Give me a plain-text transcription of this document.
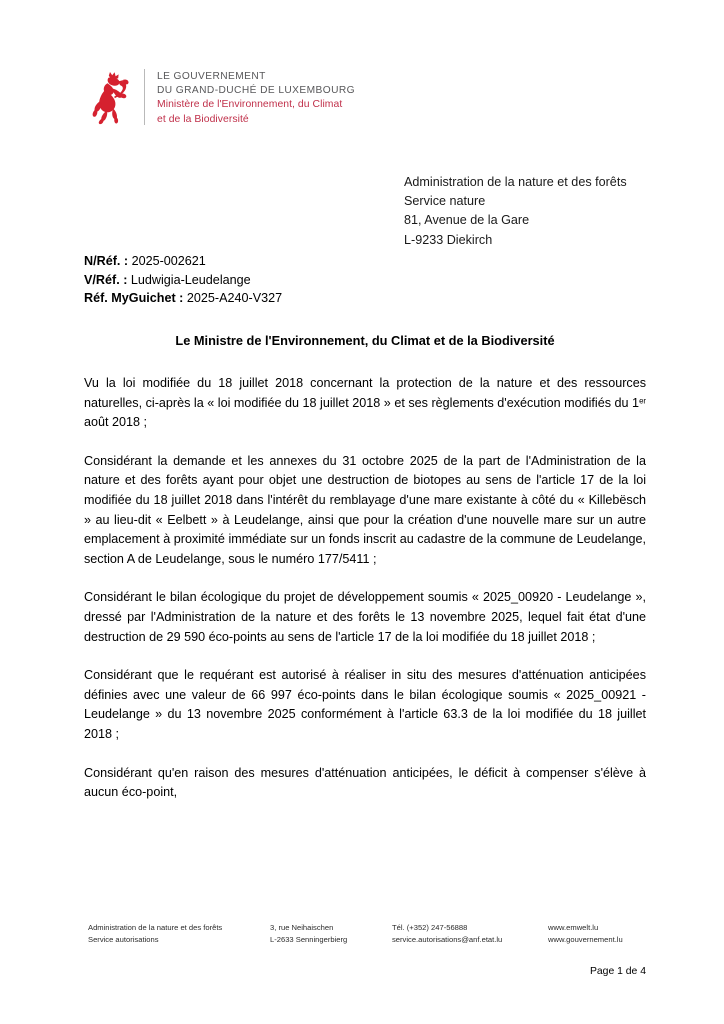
LE GOUVERNEMENT
DU GRAND-DUCHÉ DE LUXEMBOURG
Ministère de l'Environnement, du Climat
et de la Biodiversité
Administration de la nature et des forêts
Service nature
81, Avenue de la Gare
L-9233 Diekirch
N/Réf. : 2025-002621
V/Réf. : Ludwigia-Leudelange
Réf. MyGuichet : 2025-A240-V327
Le Ministre de l'Environnement, du Climat et de la Biodiversité

Vu la loi modifiée du 18 juillet 2018 concernant la protection de la nature et des ressources naturelles, ci-après la « loi modifiée du 18 juillet 2018 » et ses règlements d'exécution modifiés du 1er août 2018 ;

Considérant la demande et les annexes du 31 octobre 2025 de la part de l'Administration de la nature et des forêts ayant pour objet une destruction de biotopes au sens de l'article 17 de la loi modifiée du 18 juillet 2018 dans l'intérêt du remblayage d'une mare existante à côté du « Killebësch » au lieu-dit « Eelbett » à Leudelange, ainsi que pour la création d'une nouvelle mare sur un autre emplacement à proximité immédiate sur un fonds inscrit au cadastre de la commune de Leudelange, section A de Leudelange, sous le numéro 177/5411 ;

Considérant le bilan écologique du projet de développement soumis « 2025_00920 - Leudelange », dressé par l'Administration de la nature et des forêts le 13 novembre 2025, lequel fait état d'une destruction de 29 590 éco-points au sens de l'article 17 de la loi modifiée du 18 juillet 2018 ;

Considérant que le requérant est autorisé à réaliser in situ des mesures d'atténuation anticipées définies avec une valeur de 66 997 éco-points dans le bilan écologique soumis « 2025_00921 - Leudelange » du 13 novembre 2025 conformément à l'article 63.3 de la loi modifiée du 18 juillet 2018 ;

Considérant qu'en raison des mesures d'atténuation anticipées, le déficit à compenser s'élève à aucun éco-point,

Administration de la nature et des forêts
Service autorisations
3, rue Neihaischen
L-2633 Senningerbierg
Tél. (+352) 247-56888
service.autorisations@anf.etat.lu
www.emwelt.lu
www.gouvernement.lu
Page 1 de 4
